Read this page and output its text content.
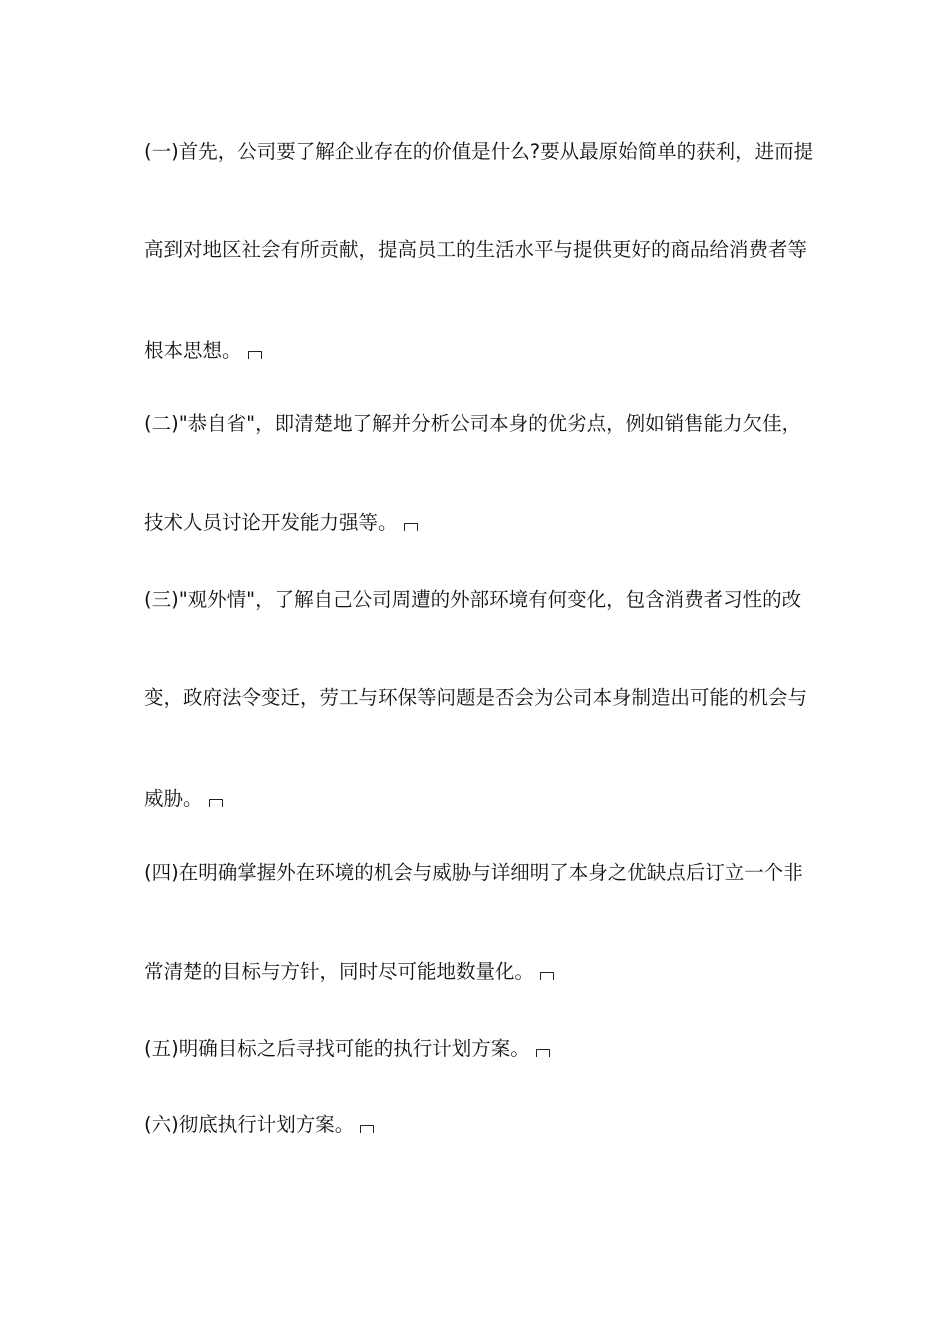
(一)首先，公司要了解企业存在的价值是什么?要从最原始简单的获利，进而提
高到对地区社会有所贡献，提高员工的生活水平与提供更好的商品给消费者等
根本思想。
(二)"恭自省"，即清楚地了解并分析公司本身的优劣点，例如销售能力欠佳，
技术人员讨论开发能力强等。
(三)"观外情"，了解自己公司周遭的外部环境有何变化，包含消费者习性的改
变，政府法令变迁，劳工与环保等问题是否会为公司本身制造出可能的机会与
威胁。
(四)在明确掌握外在环境的机会与威胁与详细明了本身之优缺点后订立一个非
常清楚的目标与方针，同时尽可能地数量化。
(五)明确目标之后寻找可能的执行计划方案。
(六)彻底执行计划方案。
